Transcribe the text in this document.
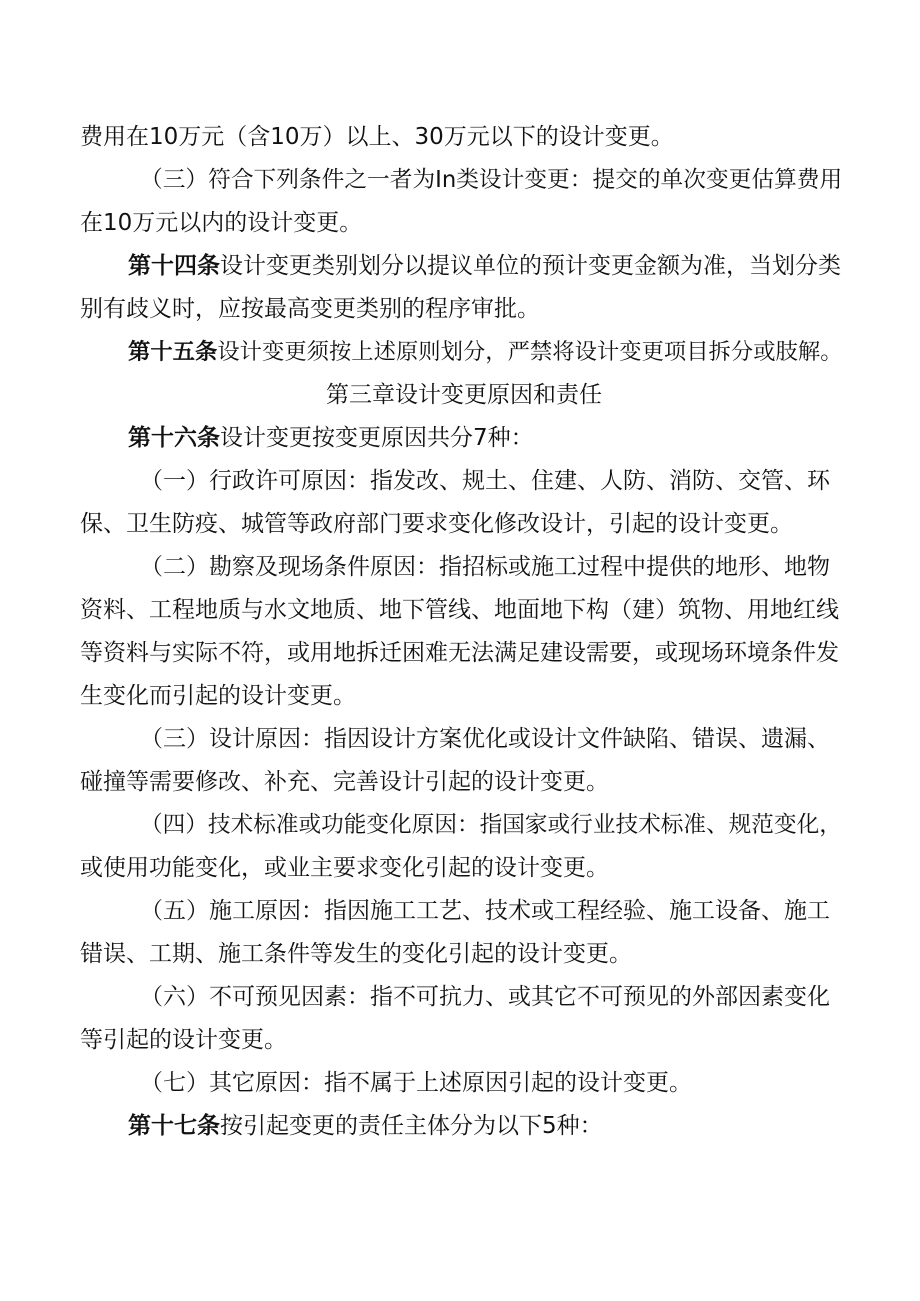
费用在10万元（含10万）以上、30万元以下的设计变更。
（三）符合下列条件之一者为In类设计变更：提交的单次变更估算费用
在10万元以内的设计变更。
第十四条设计变更类别划分以提议单位的预计变更金额为准，当划分类
别有歧义时，应按最高变更类别的程序审批。
第十五条设计变更须按上述原则划分，严禁将设计变更项目拆分或肢解。
第三章设计变更原因和责任
第十六条设计变更按变更原因共分7种：
（一）行政许可原因：指发改、规土、住建、人防、消防、交管、环
保、卫生防疫、城管等政府部门要求变化修改设计，引起的设计变更。
（二）勘察及现场条件原因：指招标或施工过程中提供的地形、地物
资料、工程地质与水文地质、地下管线、地面地下构（建）筑物、用地红线
等资料与实际不符，或用地拆迁困难无法满足建设需要，或现场环境条件发
生变化而引起的设计变更。
（三）设计原因：指因设计方案优化或设计文件缺陷、错误、遗漏、
碰撞等需要修改、补充、完善设计引起的设计变更。
（四）技术标准或功能变化原因：指国家或行业技术标准、规范变化，
或使用功能变化，或业主要求变化引起的设计变更。
（五）施工原因：指因施工工艺、技术或工程经验、施工设备、施工
错误、工期、施工条件等发生的变化引起的设计变更。
（六）不可预见因素：指不可抗力、或其它不可预见的外部因素变化
等引起的设计变更。
（七）其它原因：指不属于上述原因引起的设计变更。
第十七条按引起变更的责任主体分为以下5种：
